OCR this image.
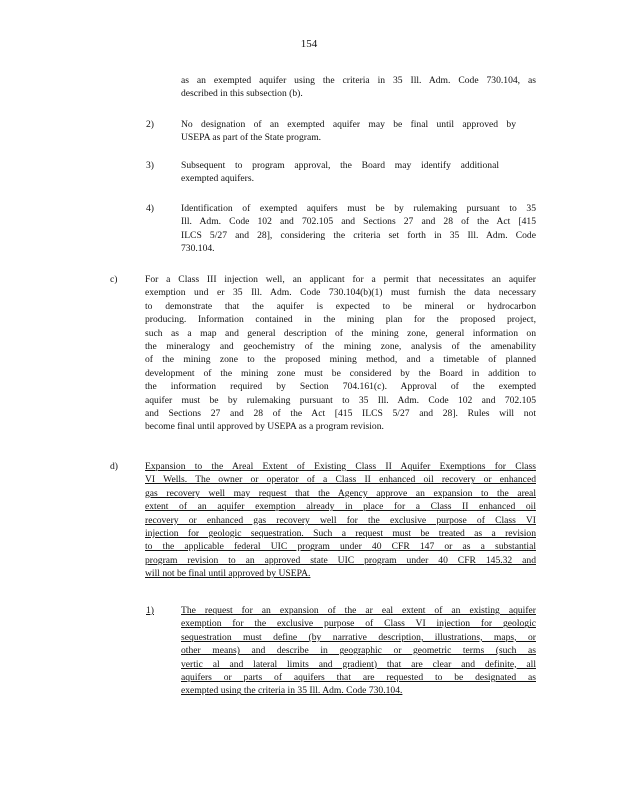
154
as an exempted aquifer using the criteria in 35 Ill. Adm. Code 730.104, as
described in this subsection (b).
2)	No designation of an exempted aquifer may be final until approved by
USEPA as part of the State program.
3)	Subsequent to program approval, the Board may identify additional
exempted aquifers.
4)	Identification of exempted aquifers must be by rulemaking pursuant to 35
Ill. Adm. Code 102 and 702.105 and Sections 27 and 28 of the Act [415
ILCS 5/27 and 28], considering the criteria set forth in 35 Ill. Adm. Code
730.104.
c)	For a Class III injection well, an applicant for a permit that necessitates an aquifer
exemption und er 35 Ill. Adm. Code 730.104(b)(1) must furnish the data necessary
to demonstrate that the aquifer is expected to be mineral or hydrocarbon
producing. Information contained in the mining plan for the proposed project,
such as a map and general description of the mining zone, general information on
the mineralogy and geochemistry of the mining zone, analysis of the amenability
of the mining zone to the proposed mining method, and a timetable of planned
development of the mining zone must be considered by the Board in addition to
the information required by Section 704.161(c). Approval of the exempted
aquifer must be by rulemaking pursuant to 35 Ill. Adm. Code 102 and 702.105
and Sections 27 and 28 of the Act [415 ILCS 5/27 and 28]. Rules will not
become final until approved by USEPA as a program revision.
d)	Expansion to the Areal Extent of Existing Class II Aquifer Exemptions for Class
VI Wells. The owner or operator of a Class II enhanced oil recovery or enhanced
gas recovery well may request that the Agency approve an expansion to the areal
extent of an aquifer exemption already in place for a Class II enhanced oil
recovery or enhanced gas recovery well for the exclusive purpose of Class VI
injection for geologic sequestration. Such a request must be treated as a revision
to the applicable federal UIC program under 40 CFR 147 or as a substantial
program revision to an approved state UIC program under 40 CFR 145.32 and
will not be final until approved by USEPA.
1)	The request for an expansion of the ar eal extent of an existing aquifer
exemption for the exclusive purpose of Class VI injection for geologic
sequestration must define (by narrative description, illustrations, maps, or
other means) and describe in geographic or geometric terms (such as
vertic al and lateral limits and gradient) that are clear and definite, all
aquifers or parts of aquifers that are requested to be designated as
exempted using the criteria in 35 Ill. Adm. Code 730.104.
